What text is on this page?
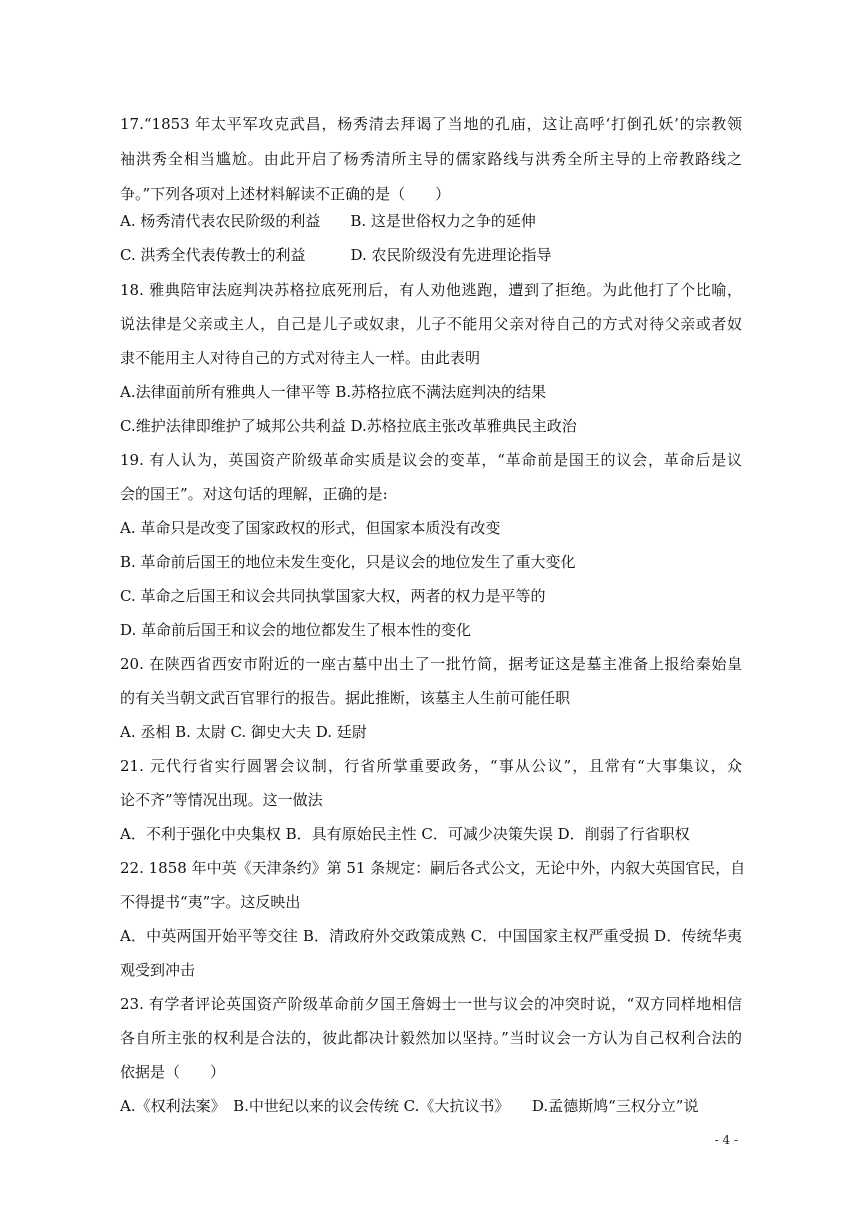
17.“1853 年太平军攻克武昌，杨秀清去拜谒了当地的孔庙，这让高呼‘打倒孔妖’的宗教领
袖洪秀全相当尴尬。由此开启了杨秀清所主导的儒家路线与洪秀全所主导的上帝教路线之
争。”下列各项对上述材料解读不正确的是（　　）
A. 杨秀清代表农民阶级的利益　　B. 这是世俗权力之争的延伸
C. 洪秀全代表传教士的利益　　　D. 农民阶级没有先进理论指导
18. 雅典陪审法庭判决苏格拉底死刑后，有人劝他逃跑，遭到了拒绝。为此他打了个比喻，
说法律是父亲或主人，自己是儿子或奴隶，儿子不能用父亲对待自己的方式对待父亲或者奴
隶不能用主人对待自己的方式对待主人一样。由此表明
A.法律面前所有雅典人一律平等 B.苏格拉底不满法庭判决的结果
C.维护法律即维护了城邦公共利益 D.苏格拉底主张改革雅典民主政治
19. 有人认为，英国资产阶级革命实质是议会的变革，“革命前是国王的议会，革命后是议
会的国王”。对这句话的理解，正确的是:
A. 革命只是改变了国家政权的形式，但国家本质没有改变
B. 革命前后国王的地位未发生变化，只是议会的地位发生了重大变化
C. 革命之后国王和议会共同执掌国家大权，两者的权力是平等的
D. 革命前后国王和议会的地位都发生了根本性的变化
20. 在陕西省西安市附近的一座古墓中出土了一批竹简，据考证这是墓主准备上报给秦始皇
的有关当朝文武百官罪行的报告。据此推断，该墓主人生前可能任职
A. 丞相 B. 太尉 C. 御史大夫 D. 廷尉
21. 元代行省实行圆署会议制，行省所掌重要政务，“事从公议”，且常有“大事集议，众
论不齐”等情况出现。这一做法
A．不利于强化中央集权 B．具有原始民主性 C．可减少决策失误 D．削弱了行省职权
22. 1858 年中英《天津条约》第 51 条规定：嗣后各式公文，无论中外，内叙大英国官民，自
不得提书“夷”字。这反映出
A．中英两国开始平等交往 B．清政府外交政策成熟 C．中国国家主权严重受损 D．传统华夷
观受到冲击
23. 有学者评论英国资产阶级革命前夕国王詹姆士一世与议会的冲突时说，“双方同样地相信
各自所主张的权利是合法的，彼此都决计毅然加以坚持。”当时议会一方认为自己权利合法的
依据是（　　）
A.《权利法案》　B.中世纪以来的议会传统 C.《大抗议书》　　D.孟德斯鸠“三权分立”说
- 4 -
